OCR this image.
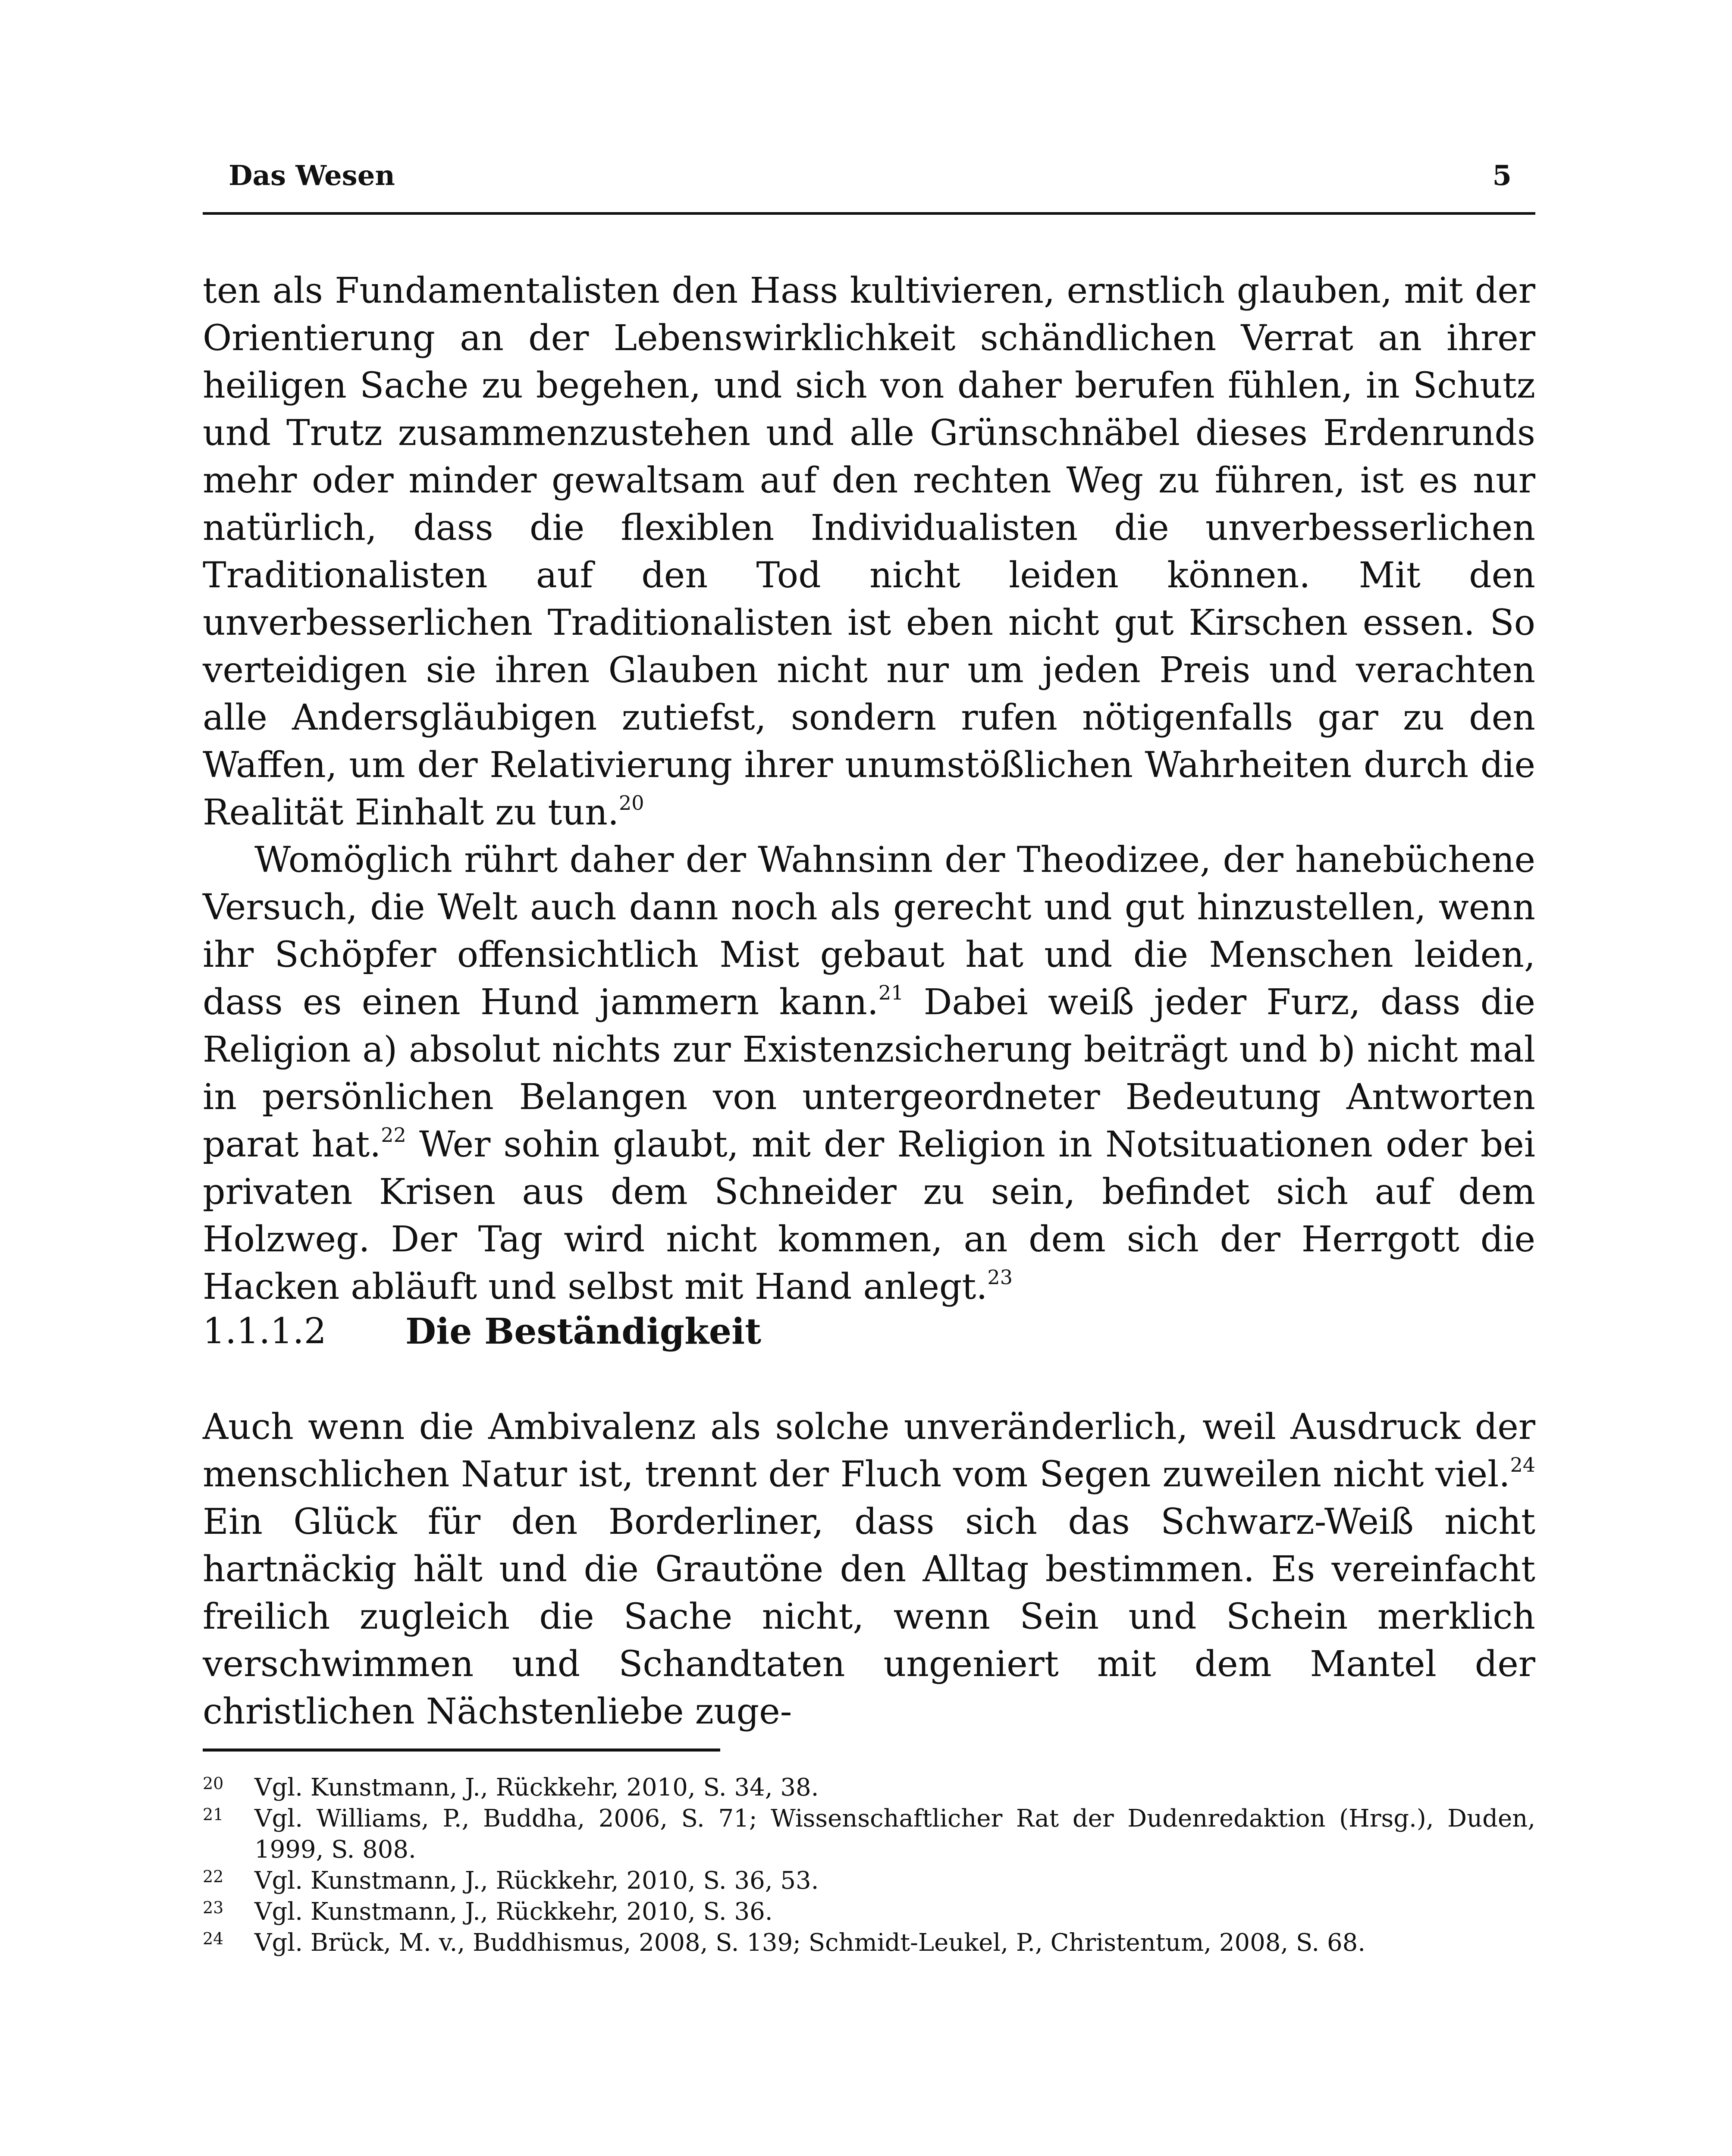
Das Wesen	5

ten als Fundamentalisten den Hass kultivieren, ernstlich glauben, mit der Orientierung an der Lebenswirklichkeit schändlichen Verrat an ihrer heiligen Sache zu begehen, und sich von daher berufen fühlen, in Schutz und Trutz zusammenzustehen und alle Grünschnäbel dieses Erdenrunds mehr oder minder gewaltsam auf den rechten Weg zu führen, ist es nur natürlich, dass die flexiblen Individualisten die unverbesserlichen Traditionalisten auf den Tod nicht leiden können. Mit den unverbesserlichen Traditionalisten ist eben nicht gut Kirschen essen. So verteidigen sie ihren Glauben nicht nur um jeden Preis und verachten alle Andersgläubigen zutiefst, sondern rufen nötigenfalls gar zu den Waffen, um der Relativierung ihrer unumstößlichen Wahrheiten durch die Realität Einhalt zu tun.$^{20}$

Womöglich rührt daher der Wahnsinn der Theodizee, der hanebüchene Versuch, die Welt auch dann noch als gerecht und gut hinzustellen, wenn ihr Schöpfer offensichtlich Mist gebaut hat und die Menschen leiden, dass es einen Hund jammern kann.$^{21}$ Dabei weiß jeder Furz, dass die Religion a) absolut nichts zur Existenzsicherung beiträgt und b) nicht mal in persönlichen Belangen von untergeordneter Bedeutung Antworten parat hat.$^{22}$ Wer sohin glaubt, mit der Religion in Notsituationen oder bei privaten Krisen aus dem Schneider zu sein, befindet sich auf dem Holzweg. Der Tag wird nicht kommen, an dem sich der Herrgott die Hacken abläuft und selbst mit Hand anlegt.$^{23}$

1.1.1.2 Die Beständigkeit

Auch wenn die Ambivalenz als solche unveränderlich, weil Ausdruck der menschlichen Natur ist, trennt der Fluch vom Segen zuweilen nicht viel.$^{24}$ Ein Glück für den Borderliner, dass sich das Schwarz-Weiß nicht hartnäckig hält und die Grautöne den Alltag bestimmen. Es vereinfacht freilich zugleich die Sache nicht, wenn Sein und Schein merklich verschwimmen und Schandtaten ungeniert mit dem Mantel der christlichen Nächstenliebe zuge-

20 Vgl. Kunstmann, J., Rückkehr, 2010, S. 34, 38.
21 Vgl. Williams, P., Buddha, 2006, S. 71; Wissenschaftlicher Rat der Dudenredaktion (Hrsg.), Duden, 1999, S. 808.
22 Vgl. Kunstmann, J., Rückkehr, 2010, S. 36, 53.
23 Vgl. Kunstmann, J., Rückkehr, 2010, S. 36.
24 Vgl. Brück, M. v., Buddhismus, 2008, S. 139; Schmidt-Leukel, P., Christentum, 2008, S. 68.
